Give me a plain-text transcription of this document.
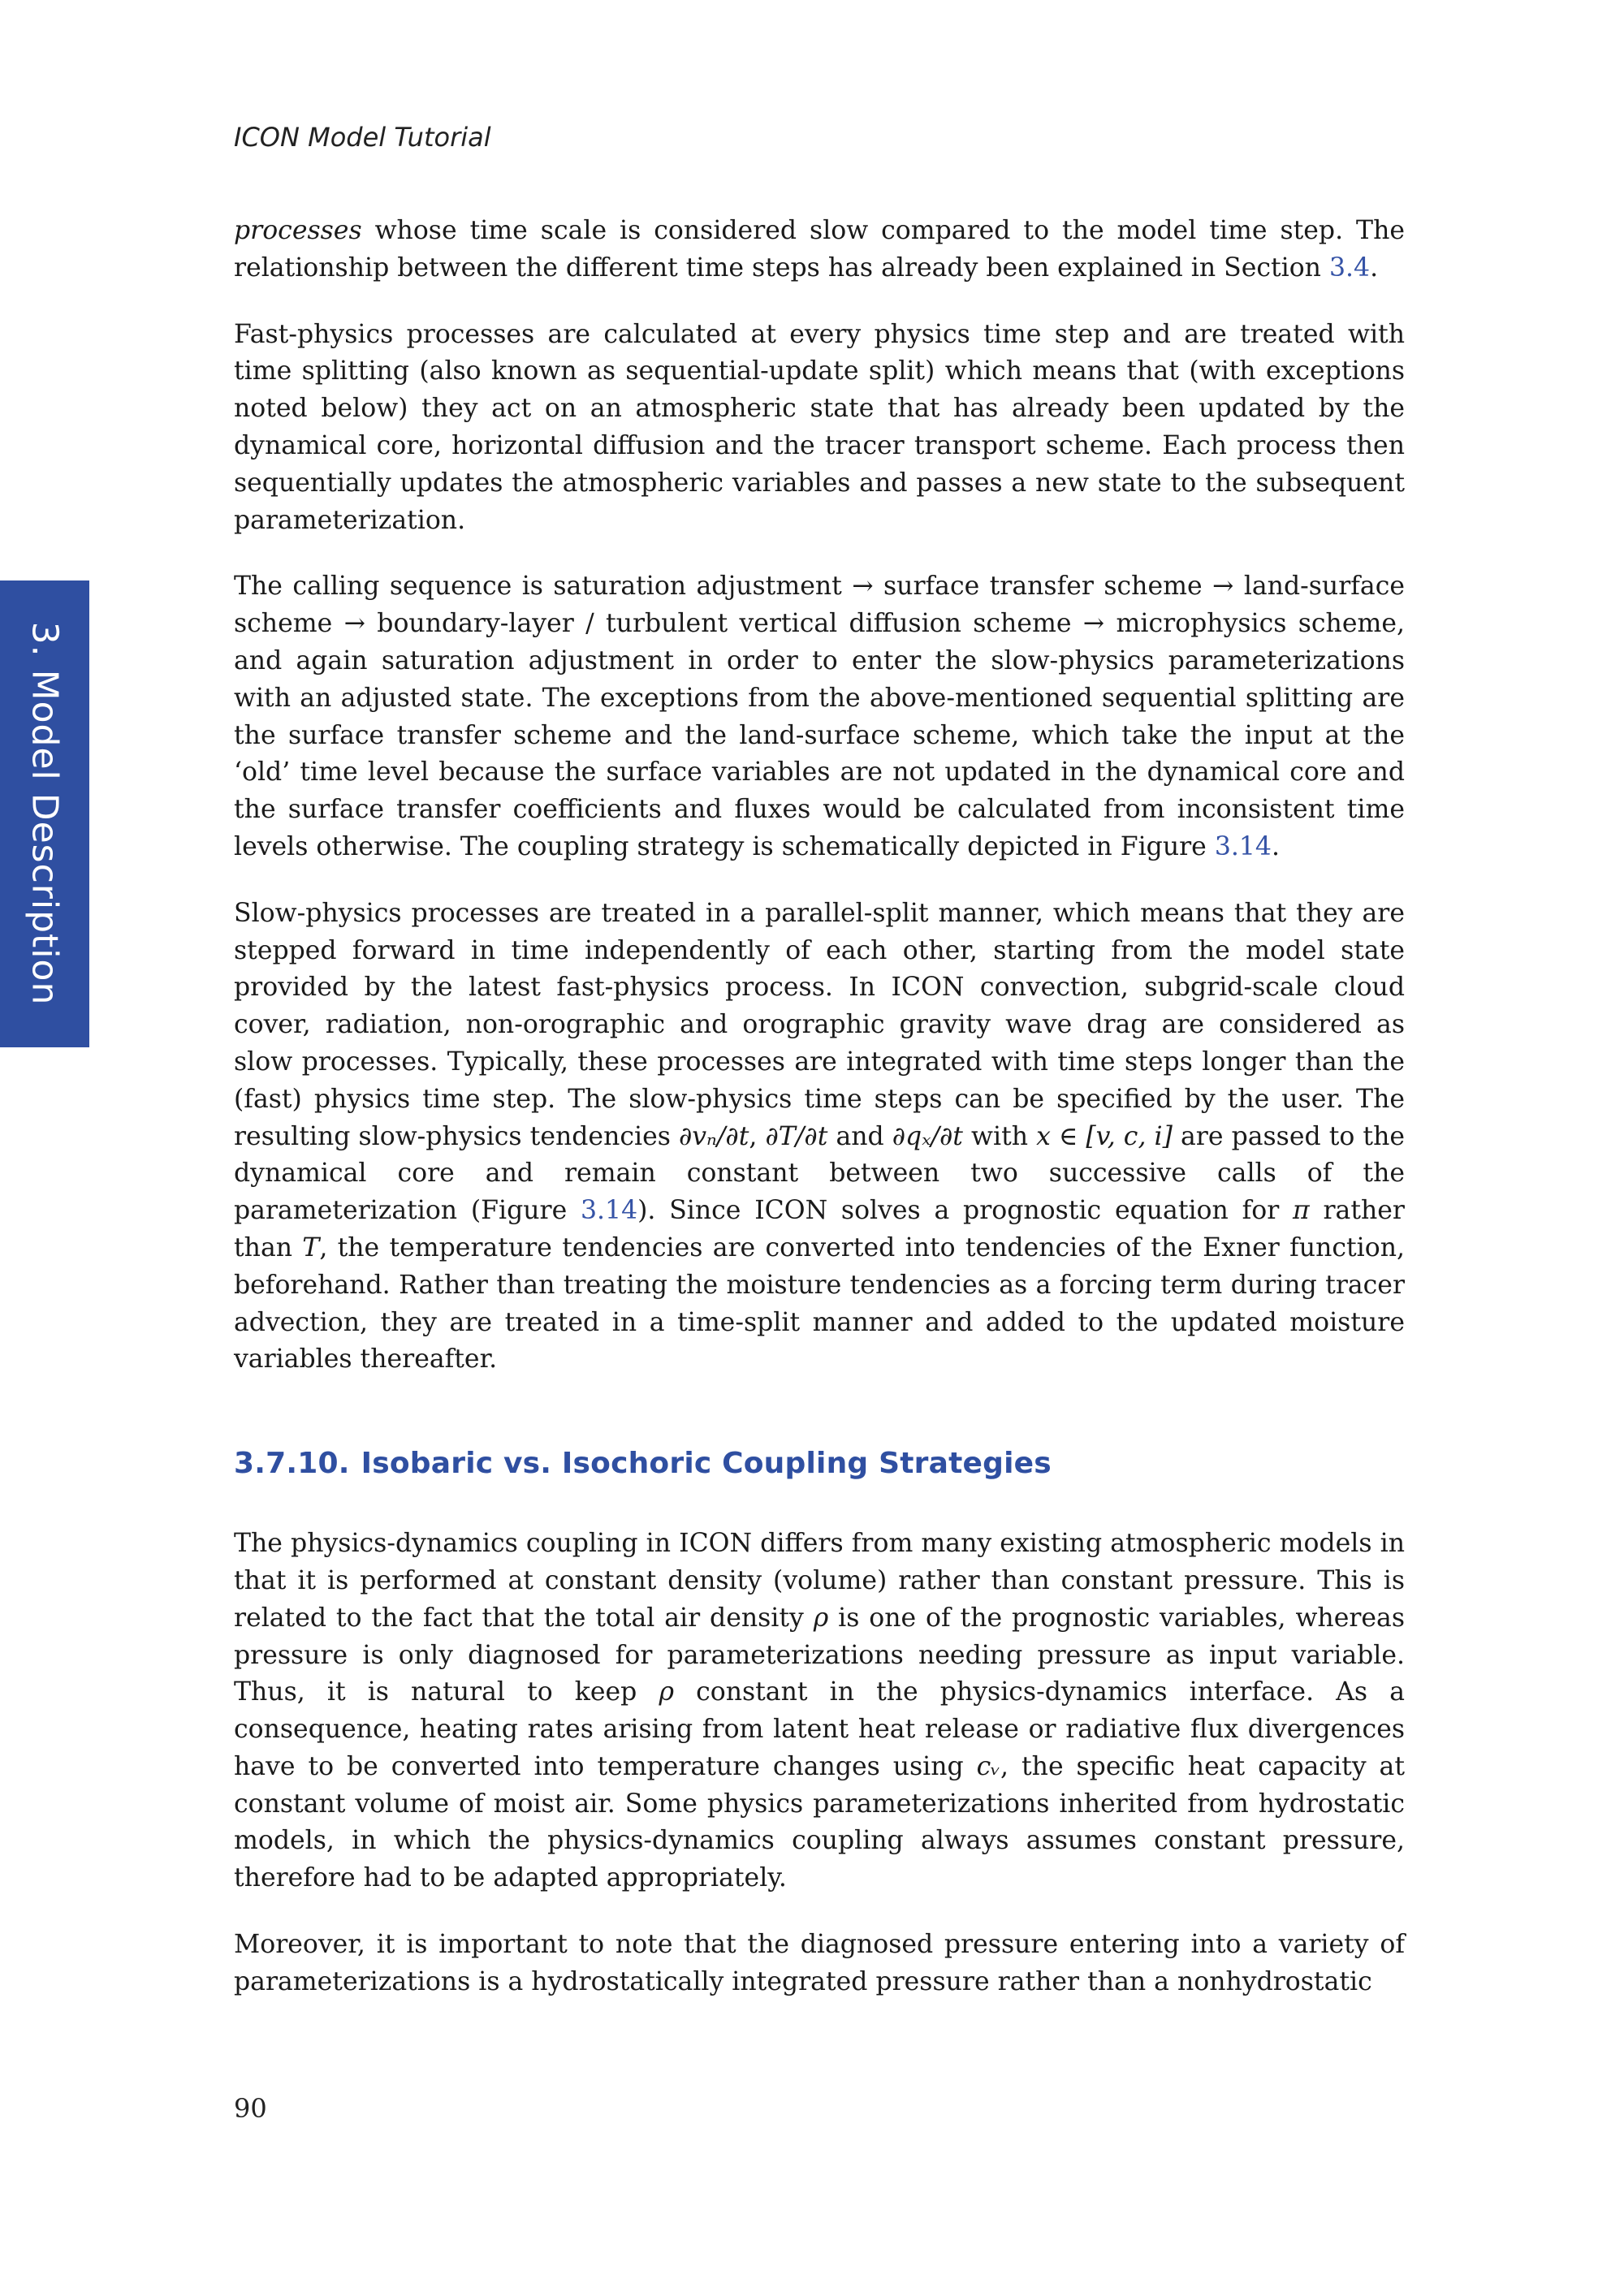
ICON Model Tutorial
3. Model Description

processes whose time scale is considered slow compared to the model time step. The relationship between the different time steps has already been explained in Section 3.4.

Fast-physics processes are calculated at every physics time step and are treated with time splitting (also known as sequential-update split) which means that (with exceptions noted below) they act on an atmospheric state that has already been updated by the dynamical core, horizontal diffusion and the tracer transport scheme. Each process then sequentially updates the atmospheric variables and passes a new state to the subsequent parameterization.

The calling sequence is saturation adjustment → surface transfer scheme → land-surface scheme → boundary-layer / turbulent vertical diffusion scheme → microphysics scheme, and again saturation adjustment in order to enter the slow-physics parameterizations with an adjusted state. The exceptions from the above-mentioned sequential splitting are the surface transfer scheme and the land-surface scheme, which take the input at the ‘old’ time level because the surface variables are not updated in the dynamical core and the surface transfer coefficients and fluxes would be calculated from inconsistent time levels otherwise. The coupling strategy is schematically depicted in Figure 3.14.

Slow-physics processes are treated in a parallel-split manner, which means that they are stepped forward in time independently of each other, starting from the model state provided by the latest fast-physics process. In ICON convection, subgrid-scale cloud cover, radiation, non-orographic and orographic gravity wave drag are considered as slow processes. Typically, these processes are integrated with time steps longer than the (fast) physics time step. The slow-physics time steps can be specified by the user. The resulting slow-physics tendencies ∂vₙ/∂t, ∂T/∂t and ∂qₓ/∂t with x ∈ [v, c, i] are passed to the dynamical core and remain constant between two successive calls of the parameterization (Figure 3.14). Since ICON solves a prognostic equation for π rather than T, the temperature tendencies are converted into tendencies of the Exner function, beforehand. Rather than treating the moisture tendencies as a forcing term during tracer advection, they are treated in a time-split manner and added to the updated moisture variables thereafter.

3.7.10. Isobaric vs. Isochoric Coupling Strategies

The physics-dynamics coupling in ICON differs from many existing atmospheric models in that it is performed at constant density (volume) rather than constant pressure. This is related to the fact that the total air density ρ is one of the prognostic variables, whereas pressure is only diagnosed for parameterizations needing pressure as input variable. Thus, it is natural to keep ρ constant in the physics-dynamics interface. As a consequence, heating rates arising from latent heat release or radiative flux divergences have to be converted into temperature changes using cᵥ, the specific heat capacity at constant volume of moist air. Some physics parameterizations inherited from hydrostatic models, in which the physics-dynamics coupling always assumes constant pressure, therefore had to be adapted appropriately.

Moreover, it is important to note that the diagnosed pressure entering into a variety of parameterizations is a hydrostatically integrated pressure rather than a nonhydrostatic

90
